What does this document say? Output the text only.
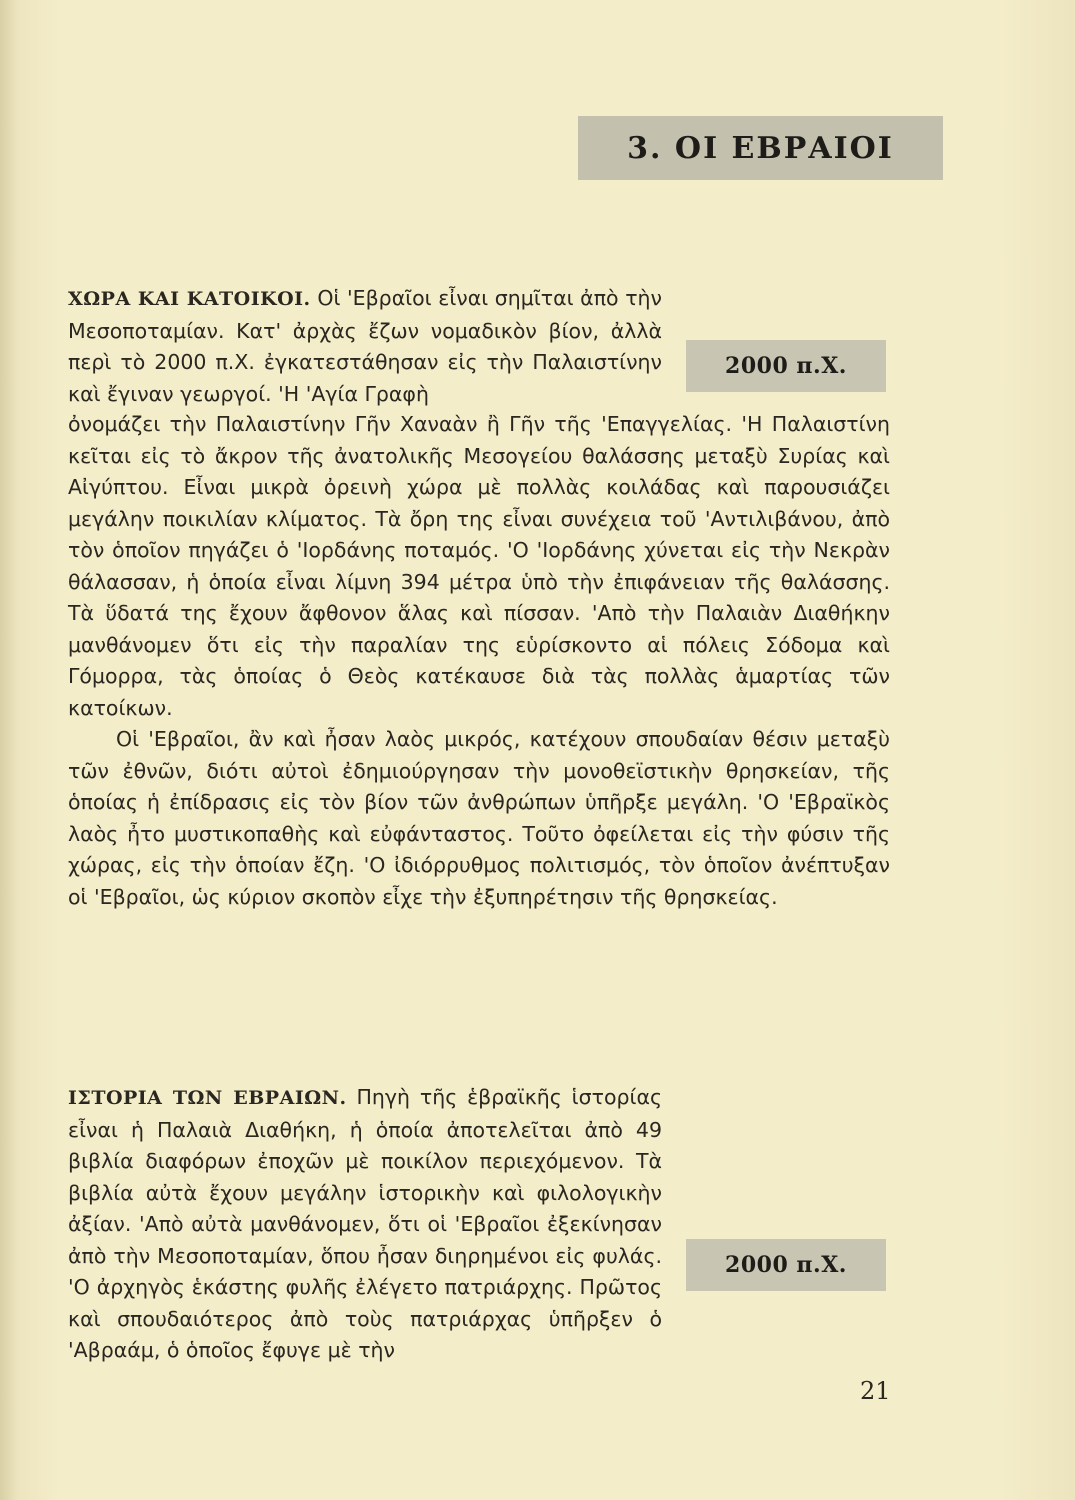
3. ΟΙ ΕΒΡΑΙΟΙ

ΧΩΡΑ ΚΑΙ ΚΑΤΟΙΚΟΙ. Οἱ 'Εβραῖοι εἶναι σημῖται ἀπὸ τὴν Μεσοποταμίαν. Κατ' ἀρχὰς ἔζων νομαδικὸν βίον, ἀλλὰ περὶ τὸ 2000 π.Χ. ἐγκατεστάθησαν εἰς τὴν Παλαιστίνην καὶ ἔγιναν γεωργοί. 'Η 'Αγία Γραφὴ

ὀνομάζει τὴν Παλαιστίνην Γῆν Χαναὰν ἢ Γῆν τῆς 'Επαγγελίας. 'Η Παλαιστίνη κεῖται εἰς τὸ ἄκρον τῆς ἀνατολικῆς Μεσογείου θαλάσσης μεταξὺ Συρίας καὶ Αἰγύπτου. Εἶναι μικρὰ ὀρεινὴ χώρα μὲ πολλὰς κοιλάδας καὶ παρουσιάζει μεγάλην ποικιλίαν κλίματος. Τὰ ὄρη της εἶναι συνέχεια τοῦ 'Αντιλιβάνου, ἀπὸ τὸν ὁποῖον πηγάζει ὁ 'Ιορδάνης ποταμός. 'Ο 'Ιορδάνης χύνεται εἰς τὴν Νεκρὰν θάλασσαν, ἡ ὁποία εἶναι λίμνη 394 μέτρα ὑπὸ τὴν ἐπιφάνειαν τῆς θαλάσσης. Τὰ ὕδατά της ἔχουν ἄφθονον ἅλας καὶ πίσσαν. 'Απὸ τὴν Παλαιὰν Διαθήκην μανθάνομεν ὅτι εἰς τὴν παραλίαν της εὑρίσκοντο αἱ πόλεις Σόδομα καὶ Γόμορρα, τὰς ὁποίας ὁ Θεὸς κατέκαυσε διὰ τὰς πολλὰς ἁμαρτίας τῶν κατοίκων.

Οἱ 'Εβραῖοι, ἂν καὶ ἦσαν λαὸς μικρός, κατέχουν σπουδαίαν θέσιν μεταξὺ τῶν ἐθνῶν, διότι αὐτοὶ ἐδημιούργησαν τὴν μονοθεϊστικὴν θρησκείαν, τῆς ὁποίας ἡ ἐπίδρασις εἰς τὸν βίον τῶν ἀνθρώπων ὑπῆρξε μεγάλη. 'Ο 'Εβραϊκὸς λαὸς ἦτο μυστικοπαθὴς καὶ εὐφάνταστος. Τοῦτο ὀφείλεται εἰς τὴν φύσιν τῆς χώρας, εἰς τὴν ὁποίαν ἔζη. 'Ο ἰδιόρρυθμος πολιτισμός, τὸν ὁποῖον ἀνέπτυξαν οἱ 'Εβραῖοι, ὡς κύριον σκοπὸν εἶχε τὴν ἐξυπηρέτησιν τῆς θρησκείας.

2000 π.Χ.
ΙΣΤΟΡΙΑ ΤΩΝ ΕΒΡΑΙΩΝ. Πηγὴ τῆς ἑβραϊκῆς ἱστορίας εἶναι ἡ Παλαιὰ Διαθήκη, ἡ ὁποία ἀποτελεῖται ἀπὸ 49 βιβλία διαφόρων ἐποχῶν μὲ ποικίλον περιεχόμενον. Τὰ βιβλία αὐτὰ ἔχουν μεγάλην ἱστορικὴν καὶ φιλολογικὴν ἀξίαν. 'Απὸ αὐτὰ μανθάνομεν, ὅτι οἱ 'Εβραῖοι ἐξεκίνησαν ἀπὸ τὴν Μεσοποταμίαν, ὅπου ἦσαν διηρημένοι εἰς φυλάς. 'Ο ἀρχηγὸς ἑκάστης φυλῆς ἐλέγετο πατριάρχης. Πρῶτος καὶ σπουδαιότερος ἀπὸ τοὺς πατριάρχας ὑπῆρξεν ὁ 'Αβραάμ, ὁ ὁποῖος ἔφυγε μὲ τὴν
2000 π.Χ.
21
